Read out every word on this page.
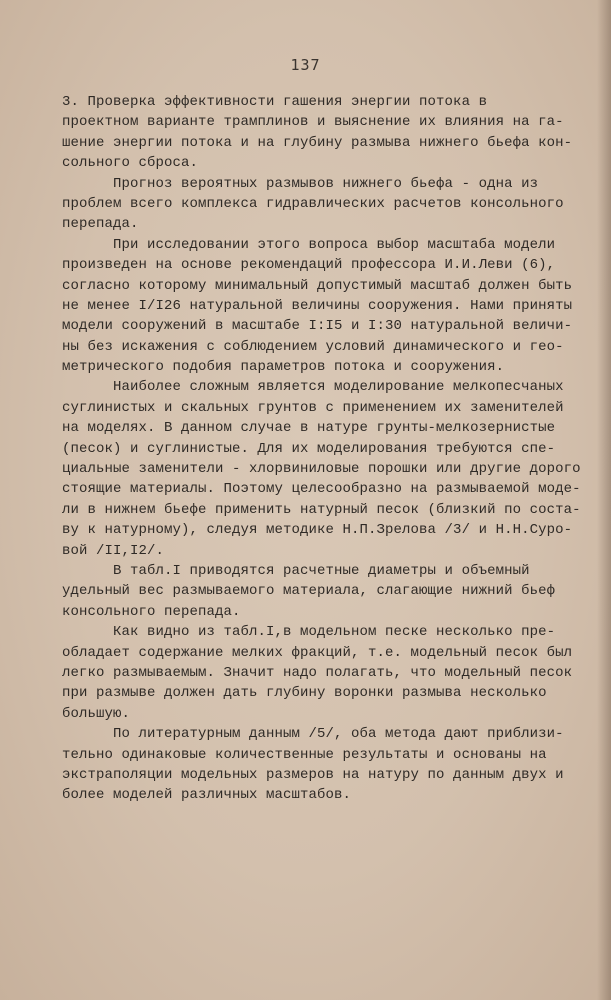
137
3. Проверка эффективности гашения энергии потока в
проектном варианте трамплинов и выяснение их влияния на га-
шение энергии потока и на глубину размыва нижнего бьефа кон-
сольного сброса.
Прогноз вероятных размывов нижнего бьефа - одна из
проблем всего комплекса гидравлических расчетов консольного
перепада.
При исследовании этого вопроса выбор масштаба модели
произведен на основе рекомендаций профессора И.И.Леви (6),
согласно которому минимальный допустимый масштаб должен быть
не менее I/I26 натуральной величины сооружения. Нами приняты
модели сооружений в масштабе I:I5 и I:30 натуральной величи-
ны без искажения с соблюдением условий динамического и гео-
метрического подобия параметров потока и сооружения.
Наиболее сложным является моделирование мелкопесчаных
суглинистых и скальных грунтов с применением их заменителей
на моделях. В данном случае в натуре грунты-мелкозернистые
(песок) и суглинистые. Для их моделирования требуются спе-
циальные заменители - хлорвиниловые порошки или другие дорого
стоящие материалы. Поэтому целесообразно на размываемой моде-
ли в нижнем бьефе применить натурный песок (близкий по соста-
ву к натурному), следуя методике Н.П.Зрелова /3/ и Н.Н.Суро-
вой /II,I2/.
В табл.I приводятся расчетные диаметры и объемный
удельный вес размываемого материала, слагающие нижний бьеф
консольного перепада.
Как видно из табл.I,в модельном песке несколько пре-
обладает содержание мелких фракций, т.е. модельный песок был
легко размываемым. Значит надо полагать, что модельный песок
при размыве должен дать глубину воронки размыва несколько
большую.
По литературным данным /5/, оба метода дают приблизи-
тельно одинаковые количественные результаты и основаны на
экстраполяции модельных размеров на натуру по данным двух и
более моделей различных масштабов.
